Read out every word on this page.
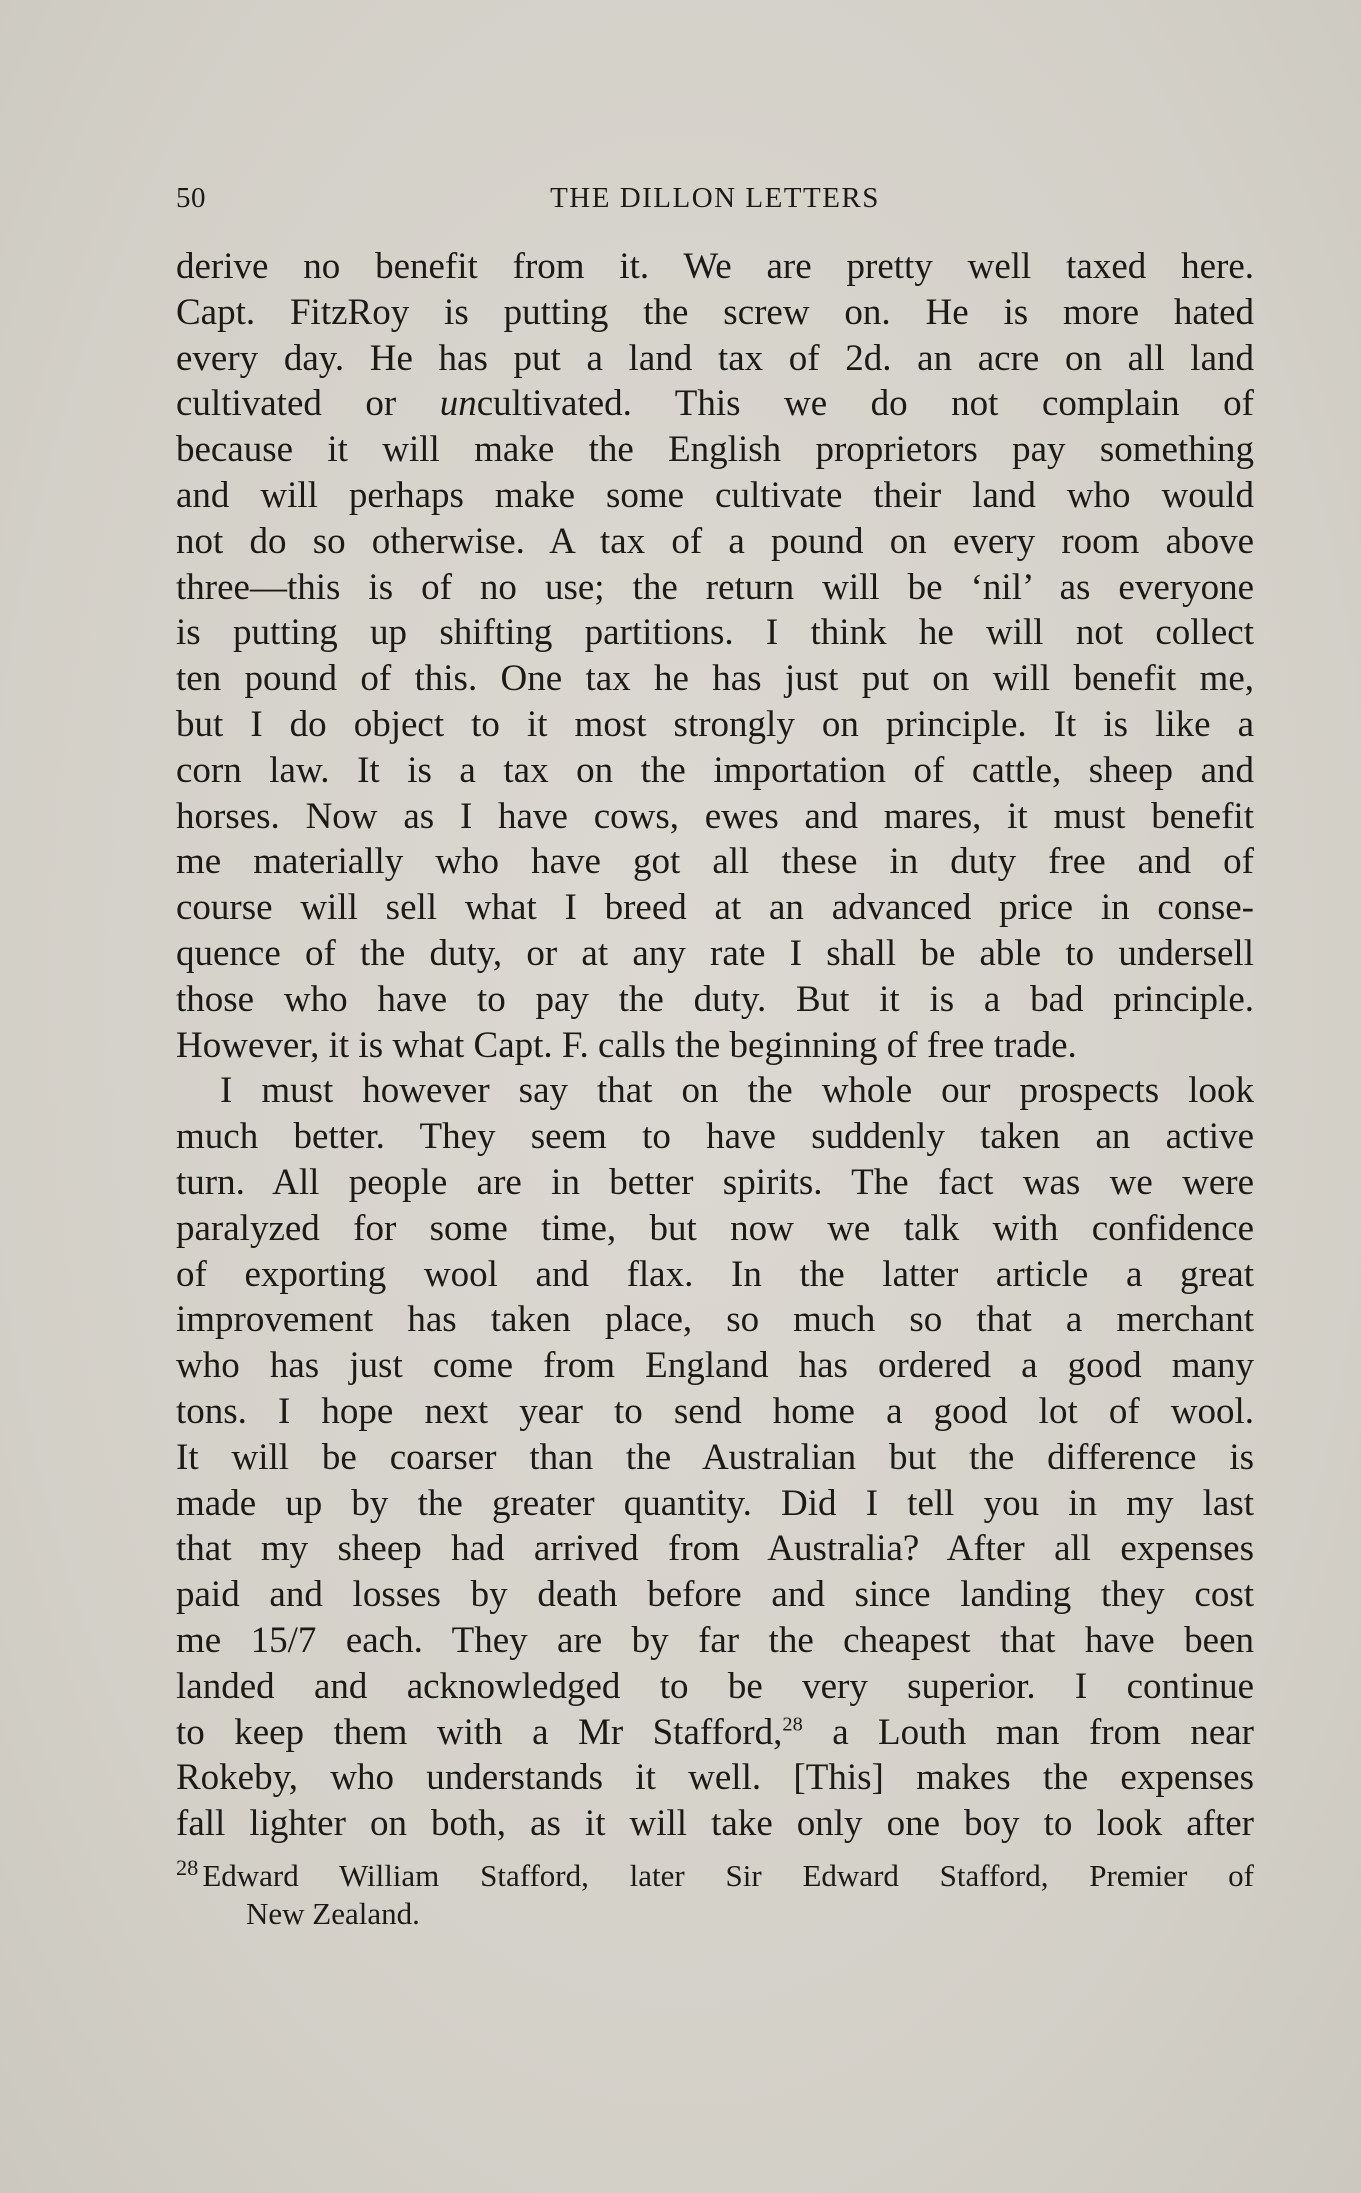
50	THE DILLON LETTERS
derive no benefit from it. We are pretty well taxed here.
Capt. FitzRoy is putting the screw on. He is more hated
every day. He has put a land tax of 2d. an acre on all land
cultivated or uncultivated. This we do not complain of
because it will make the English proprietors pay something
and will perhaps make some cultivate their land who would
not do so otherwise. A tax of a pound on every room above
three—this is of no use; the return will be ‘nil’ as everyone
is putting up shifting partitions. I think he will not collect
ten pound of this. One tax he has just put on will benefit me,
but I do object to it most strongly on principle. It is like a
corn law. It is a tax on the importation of cattle, sheep and
horses. Now as I have cows, ewes and mares, it must benefit
me materially who have got all these in duty free and of
course will sell what I breed at an advanced price in conse-
quence of the duty, or at any rate I shall be able to undersell
those who have to pay the duty. But it is a bad principle.
However, it is what Capt. F. calls the beginning of free trade.
I must however say that on the whole our prospects look
much better. They seem to have suddenly taken an active
turn. All people are in better spirits. The fact was we were
paralyzed for some time, but now we talk with confidence
of exporting wool and flax. In the latter article a great
improvement has taken place, so much so that a merchant
who has just come from England has ordered a good many
tons. I hope next year to send home a good lot of wool.
It will be coarser than the Australian but the difference is
made up by the greater quantity. Did I tell you in my last
that my sheep had arrived from Australia? After all expenses
paid and losses by death before and since landing they cost
me 15/7 each. They are by far the cheapest that have been
landed and acknowledged to be very superior. I continue
to keep them with a Mr Stafford,$^{28}$ a Louth man from near
Rokeby, who understands it well. [This] makes the expenses
fall lighter on both, as it will take only one boy to look after
$^{28}$ Edward William Stafford, later Sir Edward Stafford, Premier of
New Zealand.
